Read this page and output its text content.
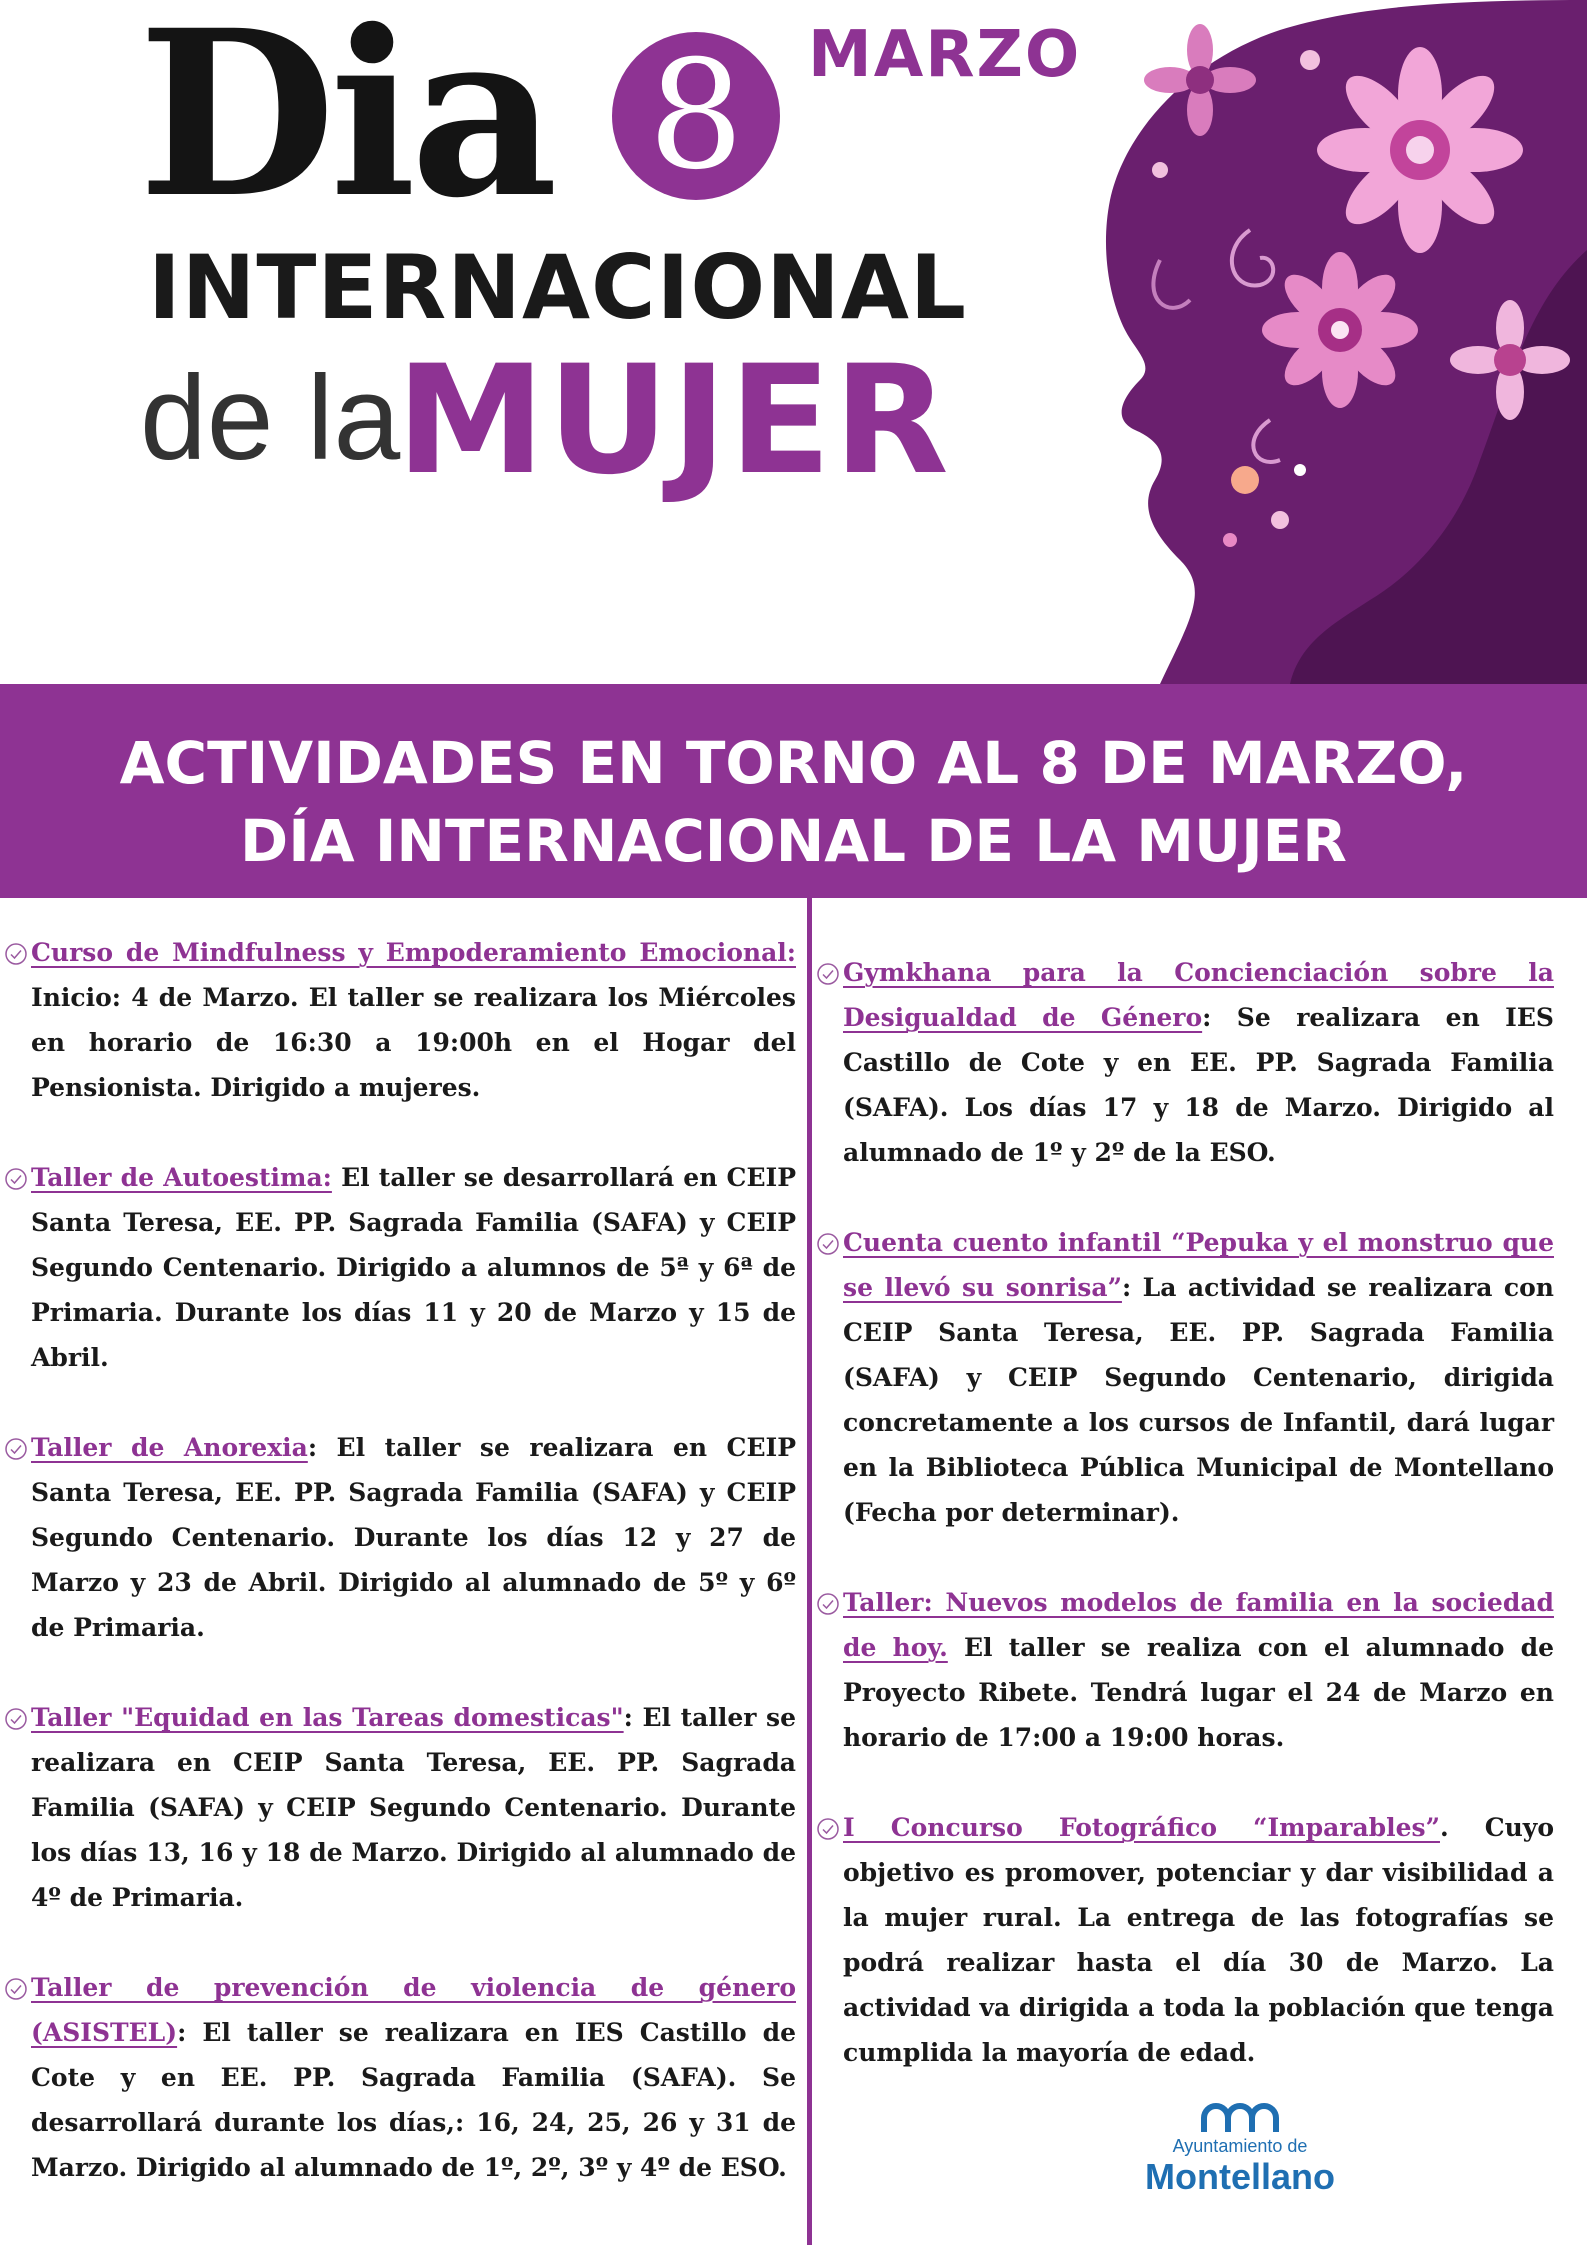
Dia 8	MARZO
INTERNACIONAL
de la
MUJER
ACTIVIDADES EN TORNO AL 8 DE MARZO,
DÍA INTERNACIONAL DE LA MUJER
Curso de Mindfulness y Empoderamiento Emocional: Inicio: 4 de Marzo. El taller se realizara los Miércoles en horario de 16:30 a 19:00h en el Hogar del Pensionista. Dirigido a mujeres.
Taller de Autoestima: El taller se desarrollará en CEIP Santa Teresa, EE. PP. Sagrada Familia (SAFA) y CEIP Segundo Centenario. Dirigido a alumnos de 5ª y 6ª de Primaria. Durante los días 11 y 20 de Marzo y 15 de Abril.
Taller de Anorexia: El taller se realizara en CEIP Santa Teresa, EE. PP. Sagrada Familia (SAFA) y CEIP Segundo Centenario. Durante los días 12 y 27 de Marzo y 23 de Abril. Dirigido al alumnado de 5º y 6º de Primaria.
Taller "Equidad en las Tareas domesticas": El taller se realizara en CEIP Santa Teresa, EE. PP. Sagrada Familia (SAFA) y CEIP Segundo Centenario. Durante los días 13, 16 y 18 de Marzo. Dirigido al alumnado de 4º de Primaria.
Taller de prevención de violencia de género (ASISTEL): El taller se realizara en IES Castillo de Cote y en EE. PP. Sagrada Familia (SAFA). Se desarrollará durante los días,: 16, 24, 25, 26 y 31 de Marzo. Dirigido al alumnado de 1º, 2º, 3º y 4º de ESO.
Gymkhana para la Concienciación sobre la Desigualdad de Género: Se realizara en IES Castillo de Cote y en EE. PP. Sagrada Familia (SAFA). Los días 17 y 18 de Marzo. Dirigido al alumnado de 1º y 2º de la ESO.
Cuenta cuento infantil “Pepuka y el monstruo que se llevó su sonrisa”: La actividad se realizara con CEIP Santa Teresa, EE. PP. Sagrada Familia (SAFA) y CEIP Segundo Centenario, dirigida concretamente a los cursos de Infantil, dará lugar en la Biblioteca Pública Municipal de Montellano (Fecha por determinar).
Taller: Nuevos modelos de familia en la sociedad de hoy. El taller se realiza con el alumnado de Proyecto Ribete. Tendrá lugar el 24 de Marzo en horario de 17:00 a 19:00 horas.
I Concurso Fotográfico “Imparables”. Cuyo objetivo es promover, potenciar y dar visibilidad a la mujer rural. La entrega de las fotografías se podrá realizar hasta el día 30 de Marzo. La actividad va dirigida a toda la población que tenga cumplida la mayoría de edad.
Ayuntamiento de
Montellano
